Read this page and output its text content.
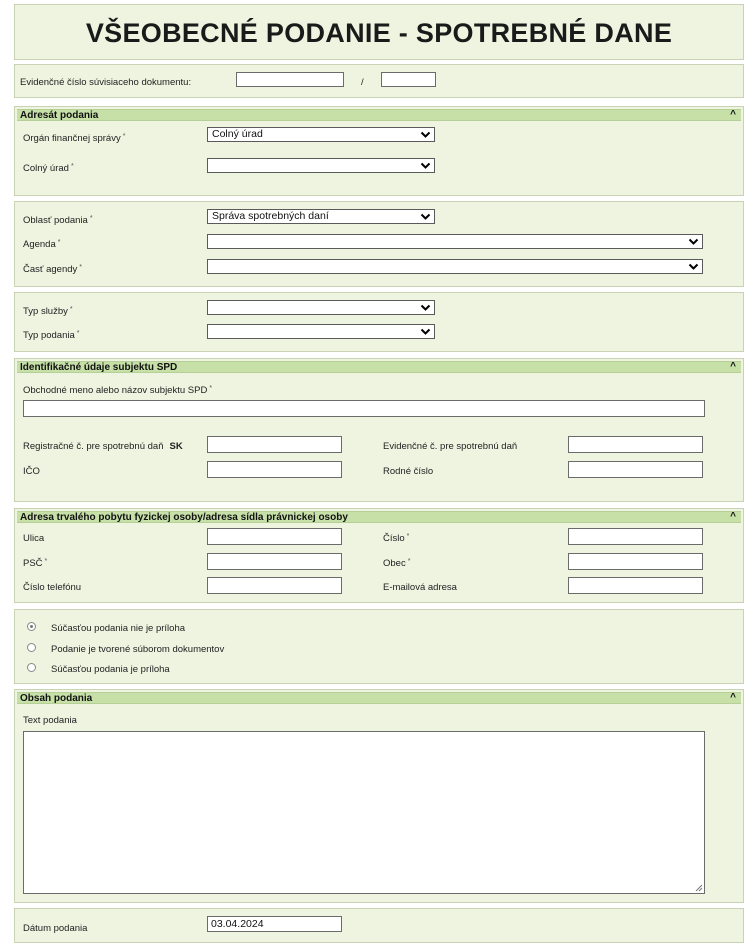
VŠEOBECNÉ PODANIE - SPOTREBNÉ DANE
Evidenčné číslo súvisiaceho dokumentu:	/
Adresát podania	^
Orgán finančnej správy *	Colný úrad
Colný úrad *
Oblasť podania *	Správa spotrebných daní
Agenda *
Časť agendy *
Typ služby *
Typ podania *
Identifikačné údaje subjektu SPD	^
Obchodné meno alebo názov subjektu SPD *
Registračné č. pre spotrebnú daň SK	Evidenčné č. pre spotrebnú daň
IČO	Rodné číslo
Adresa trvalého pobytu fyzickej osoby/adresa sídla právnickej osoby	^
Ulica	Číslo *
PSČ *	Obec *
Číslo telefónu	E-mailová adresa
Súčasťou podania nie je príloha
Podanie je tvorené súborom dokumentov
Súčasťou podania je príloha
Obsah podania	^
Text podania
Dátum podania	03.04.2024
